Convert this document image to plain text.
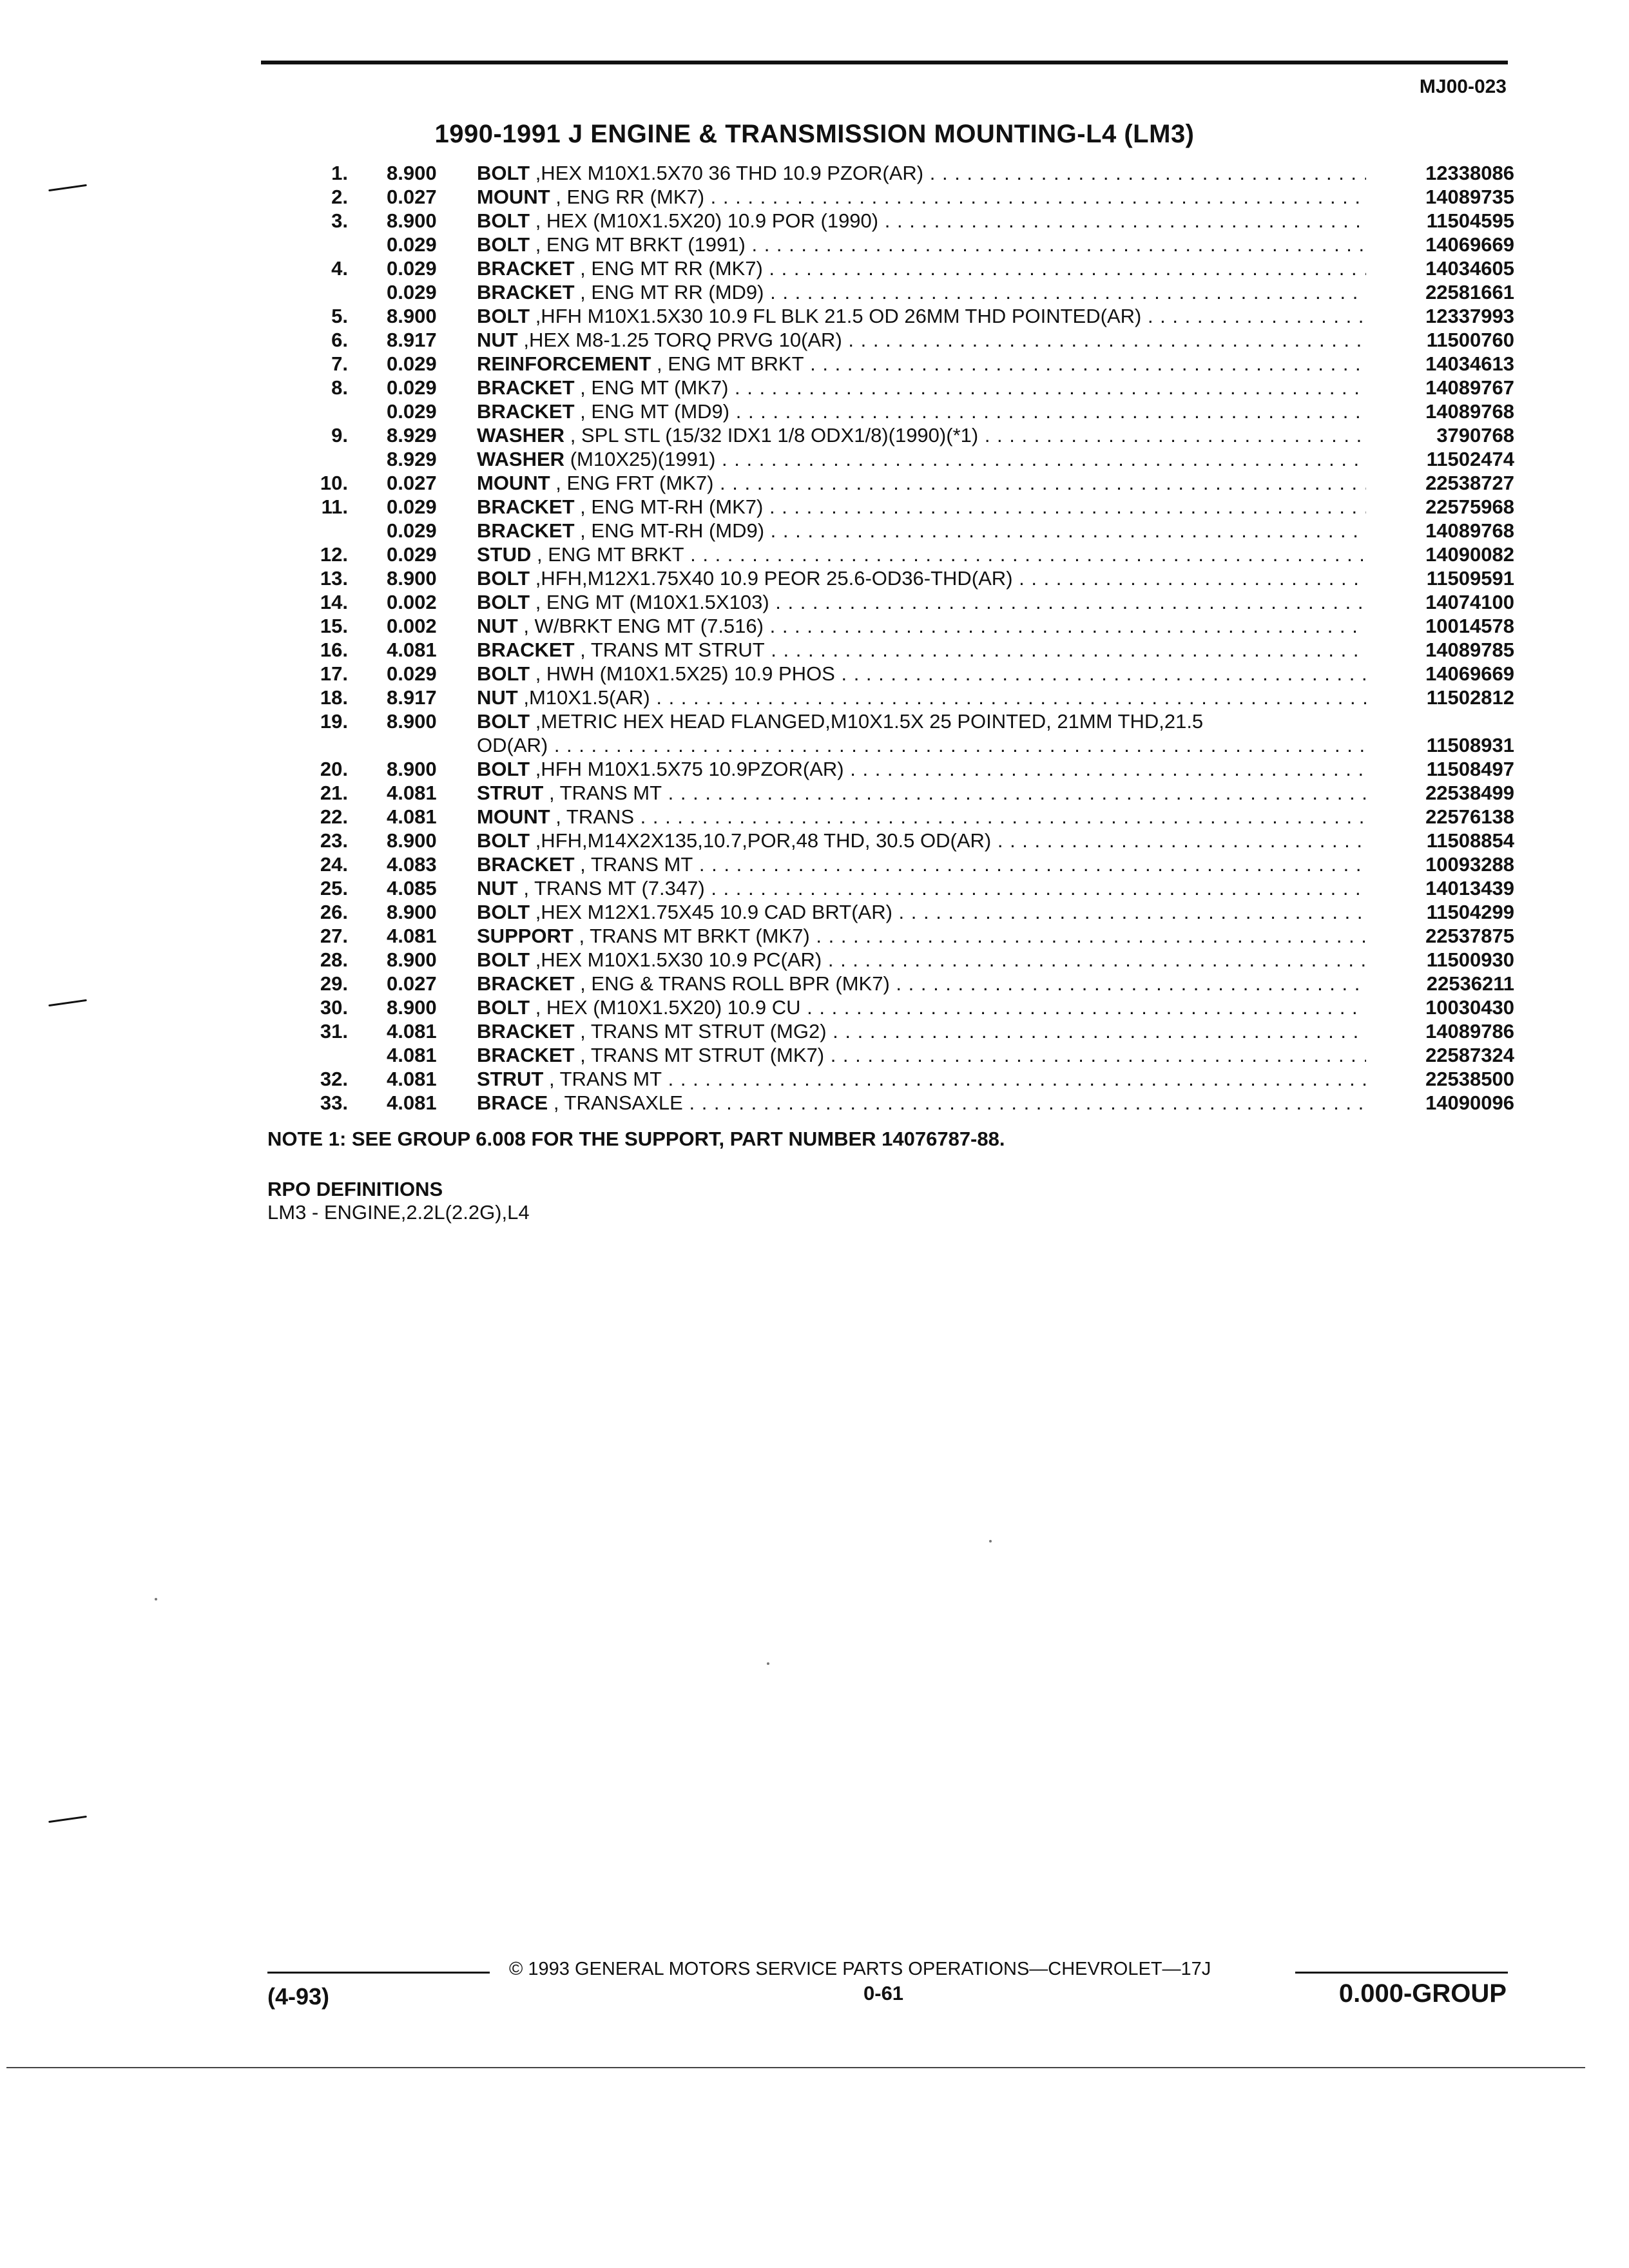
MJ00-023
1990-1991 J ENGINE & TRANSMISSION MOUNTING-L4 (LM3)
1. 8.900	BOLT ,HEX M10X1.5X70 36 THD 10.9 PZOR(AR) . . .	12338086
2. 0.027	MOUNT , ENG RR (MK7) . . .	14089735
3. 8.900	BOLT , HEX (M10X1.5X20) 10.9 POR (1990) . . .	11504595
0.029	BOLT , ENG MT BRKT (1991) . . .	14069669
4. 0.029	BRACKET , ENG MT RR (MK7) . . .	14034605
0.029	BRACKET , ENG MT RR (MD9) . . .	22581661
5. 8.900	BOLT ,HFH M10X1.5X30 10.9 FL BLK 21.5 OD 26MM THD POINTED(AR) . . .	12337993
6. 8.917	NUT ,HEX M8-1.25 TORQ PRVG 10(AR) . . .	11500760
7. 0.029	REINFORCEMENT , ENG MT BRKT . . .	14034613
8. 0.029	BRACKET , ENG MT (MK7) . . .	14089767
0.029	BRACKET , ENG MT (MD9) . . .	14089768
9. 8.929	WASHER , SPL STL (15/32 IDX1 1/8 ODX1/8)(1990)(*1) . . .	3790768
8.929	WASHER (M10X25)(1991) . . .	11502474
10. 0.027	MOUNT , ENG FRT (MK7) . . .	22538727
11. 0.029	BRACKET , ENG MT-RH (MK7) . . .	22575968
0.029	BRACKET , ENG MT-RH (MD9) . . .	14089768
12. 0.029	STUD , ENG MT BRKT . . .	14090082
13. 8.900	BOLT ,HFH,M12X1.75X40 10.9 PEOR 25.6-OD36-THD(AR) . . .	11509591
14. 0.002	BOLT , ENG MT (M10X1.5X103) . . .	14074100
15. 0.002	NUT , W/BRKT ENG MT (7.516) . . .	10014578
16. 4.081	BRACKET , TRANS MT STRUT . . .	14089785
17. 0.029	BOLT , HWH (M10X1.5X25) 10.9 PHOS . . .	14069669
18. 8.917	NUT ,M10X1.5(AR) . . .	11502812
19. 8.900	BOLT ,METRIC HEX HEAD FLANGED,M10X1.5X 25 POINTED, 21MM THD,21.5
OD(AR) . . .	11508931
20. 8.900	BOLT ,HFH M10X1.5X75 10.9PZOR(AR) . . .	11508497
21. 4.081	STRUT , TRANS MT . . .	22538499
22. 4.081	MOUNT , TRANS . . .	22576138
23. 8.900	BOLT ,HFH,M14X2X135,10.7,POR,48 THD, 30.5 OD(AR) . . .	11508854
24. 4.083	BRACKET , TRANS MT . . .	10093288
25. 4.085	NUT , TRANS MT (7.347) . . .	14013439
26. 8.900	BOLT ,HEX M12X1.75X45 10.9 CAD BRT(AR) . . .	11504299
27. 4.081	SUPPORT , TRANS MT BRKT (MK7) . . .	22537875
28. 8.900	BOLT ,HEX M10X1.5X30 10.9 PC(AR) . . .	11500930
29. 0.027	BRACKET , ENG & TRANS ROLL BPR (MK7) . . .	22536211
30. 8.900	BOLT , HEX (M10X1.5X20) 10.9 CU . . .	10030430
31. 4.081	BRACKET , TRANS MT STRUT (MG2) . . .	14089786
4.081	BRACKET , TRANS MT STRUT (MK7) . . .	22587324
32. 4.081	STRUT , TRANS MT . . .	22538500
33. 4.081	BRACE , TRANSAXLE . . .	14090096
NOTE 1: SEE GROUP 6.008 FOR THE SUPPORT, PART NUMBER 14076787-88.
RPO DEFINITIONS
LM3 - ENGINE,2.2L(2.2G),L4
© 1993 GENERAL MOTORS SERVICE PARTS OPERATIONS—CHEVROLET—17J
(4-93)	0-61	0.000-GROUP
